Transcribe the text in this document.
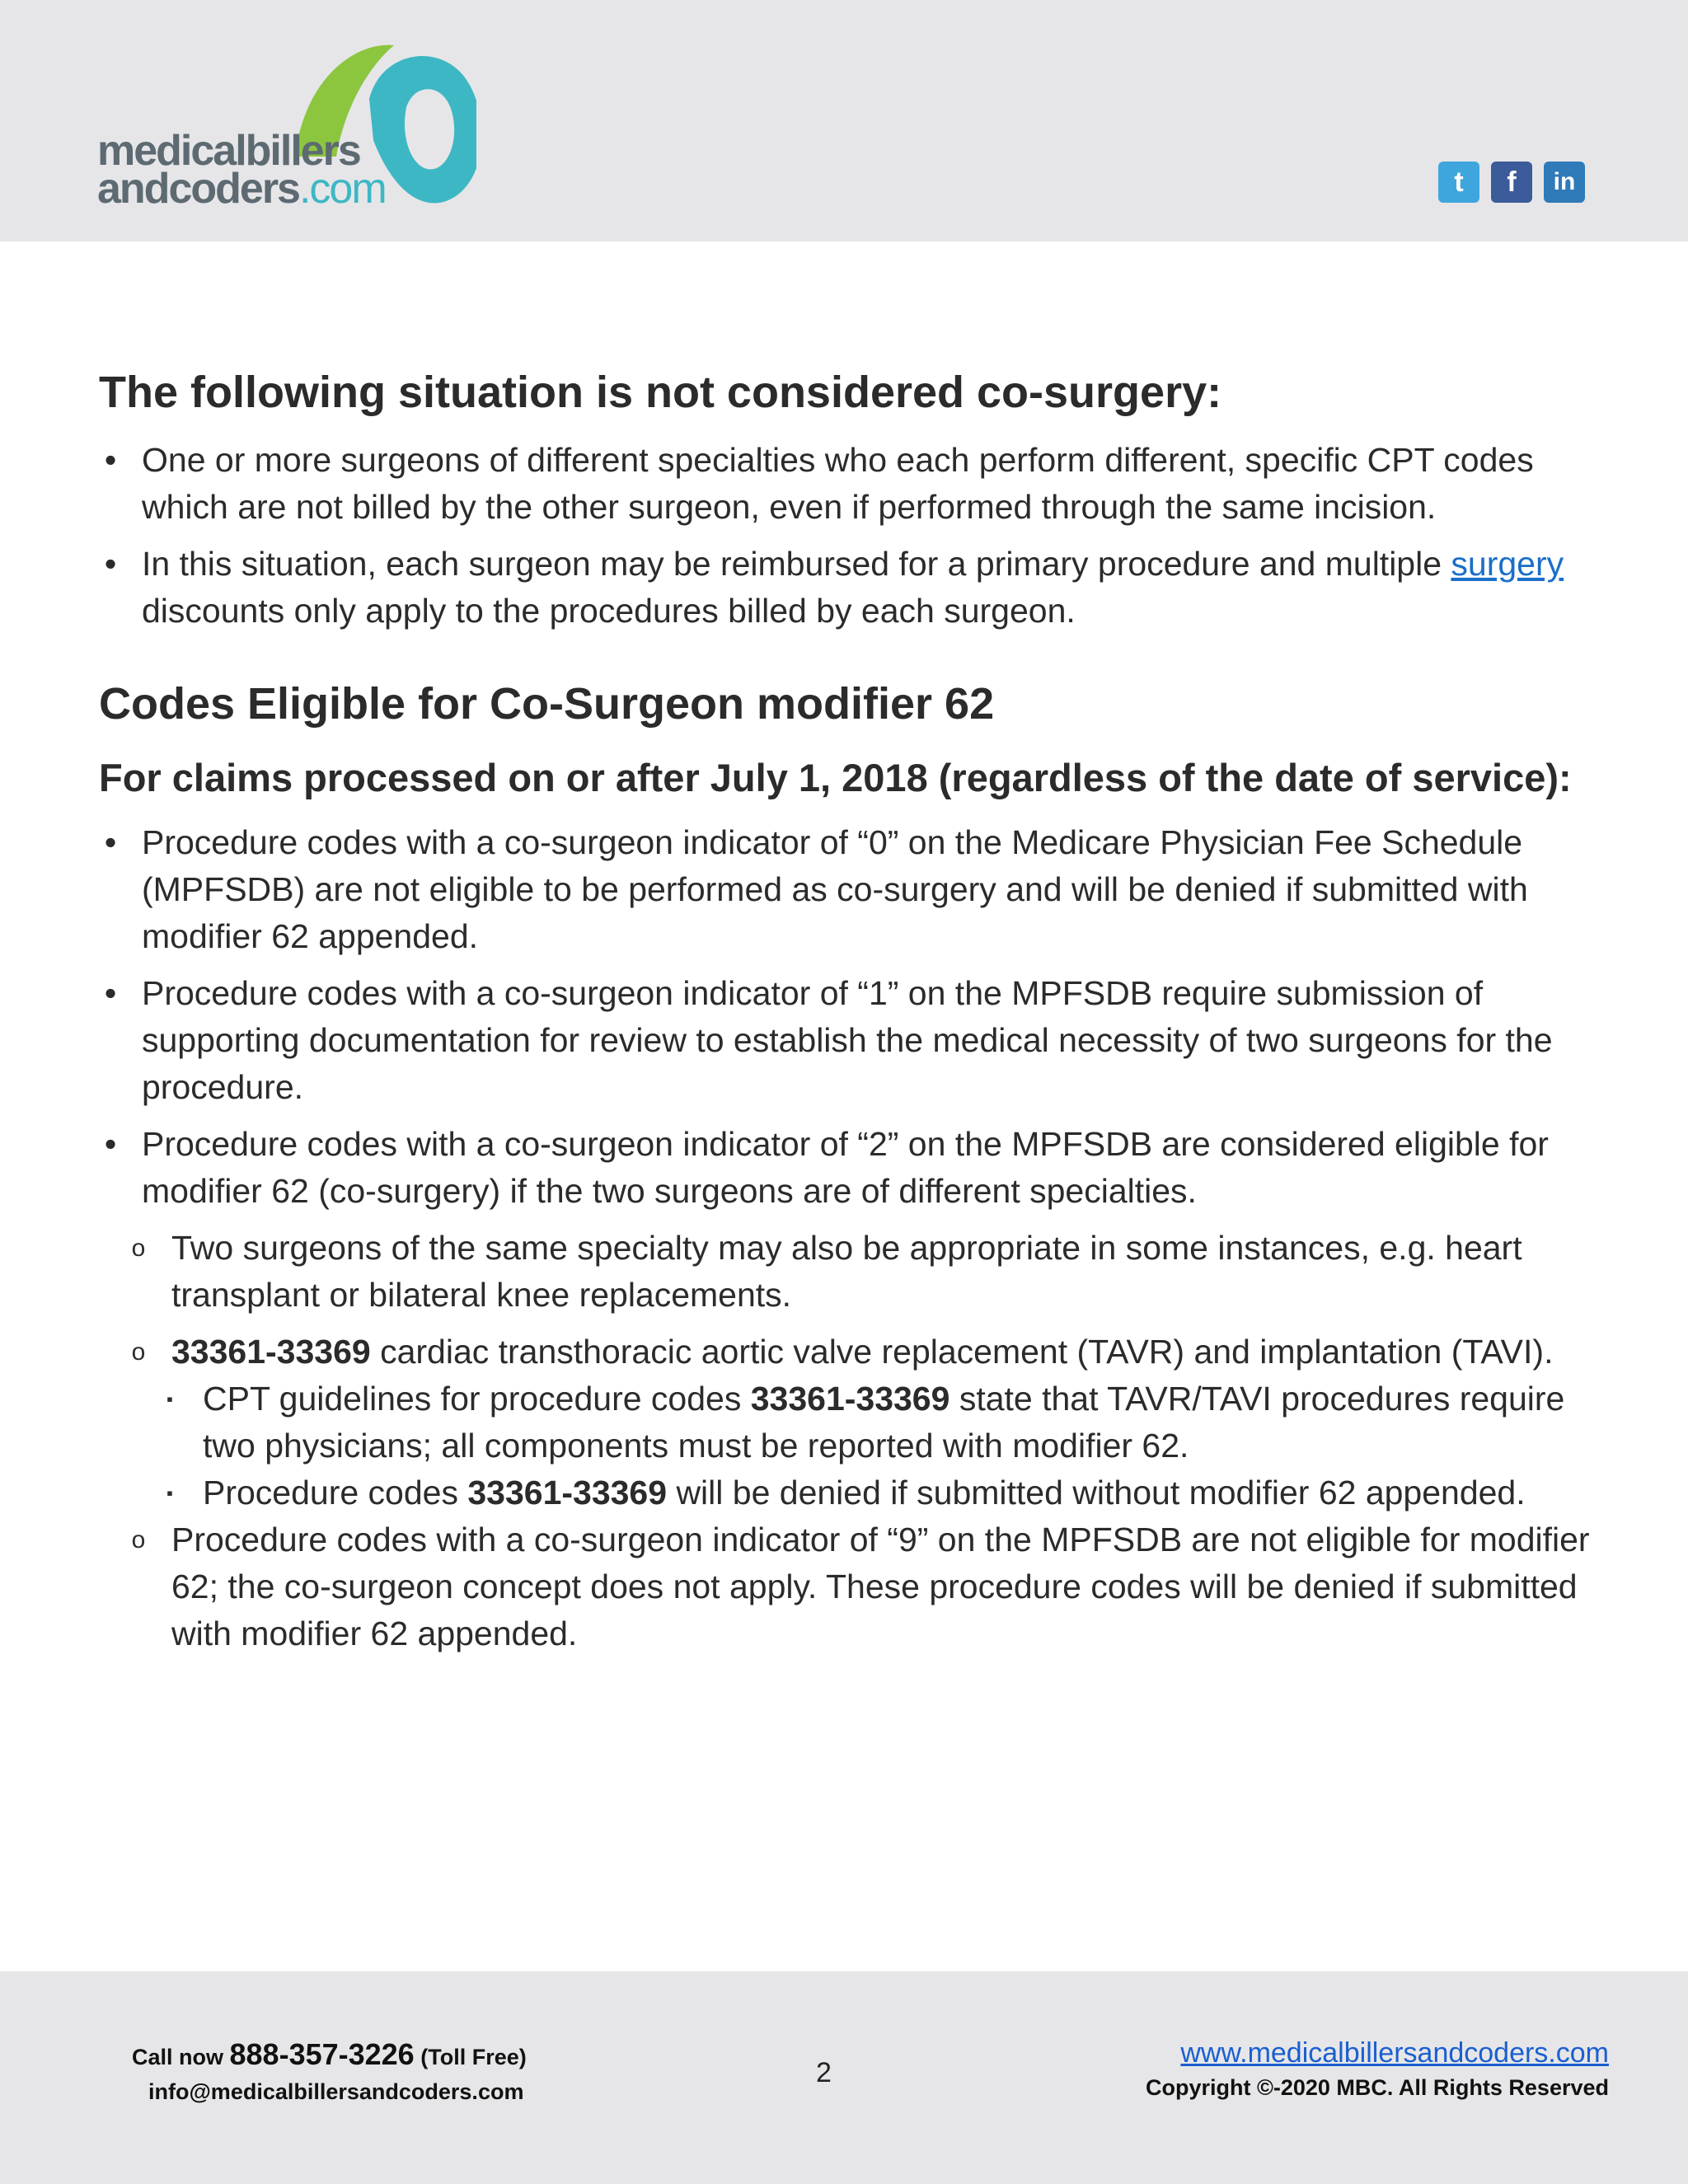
medicalbillers
andcoders.com	t	f	in
The following situation is not considered co-surgery:
• One or more surgeons of different specialties who each perform different, specific CPT codes which are not billed by the other surgeon, even if performed through the same incision.
• In this situation, each surgeon may be reimbursed for a primary procedure and multiple surgery discounts only apply to the procedures billed by each surgeon.
Codes Eligible for Co-Surgeon modifier 62
For claims processed on or after July 1, 2018 (regardless of the date of service):
• Procedure codes with a co-surgeon indicator of “0” on the Medicare Physician Fee Schedule (MPFSDB) are not eligible to be performed as co-surgery and will be denied if submitted with modifier 62 appended.
• Procedure codes with a co-surgeon indicator of “1” on the MPFSDB require submission of supporting documentation for review to establish the medical necessity of two surgeons for the procedure.
• Procedure codes with a co-surgeon indicator of “2” on the MPFSDB are considered eligible for modifier 62 (co-surgery) if the two surgeons are of different specialties.
o Two surgeons of the same specialty may also be appropriate in some instances, e.g. heart transplant or bilateral knee replacements.
o 33361-33369 cardiac transthoracic aortic valve replacement (TAVR) and implantation (TAVI).
▪ CPT guidelines for procedure codes 33361-33369 state that TAVR/TAVI procedures require two physicians; all components must be reported with modifier 62.
▪ Procedure codes 33361-33369 will be denied if submitted without modifier 62 appended.
o Procedure codes with a co-surgeon indicator of “9” on the MPFSDB are not eligible for modifier 62; the co-surgeon concept does not apply. These procedure codes will be denied if submitted with modifier 62 appended.
Call now 888-357-3226 (Toll Free)
info@medicalbillersandcoders.com
2
www.medicalbillersandcoders.com
Copyright ©-2020 MBC. All Rights Reserved
